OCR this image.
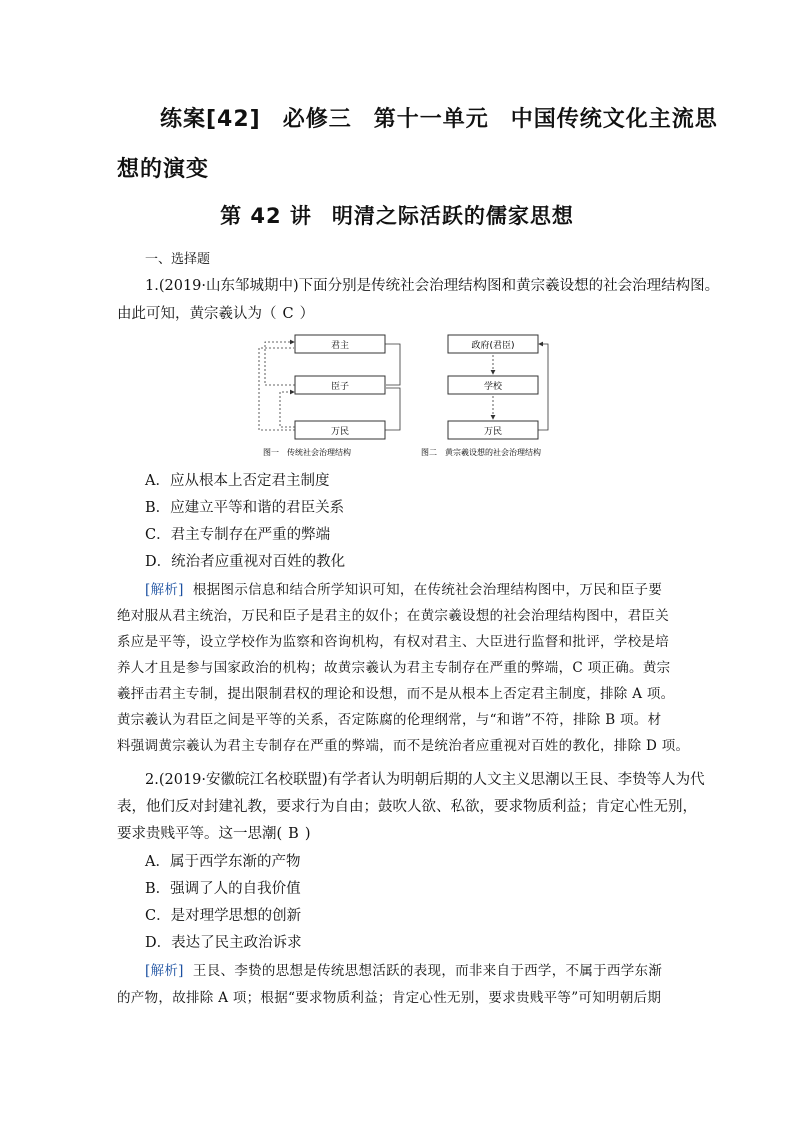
练案[42] 必修三 第十一单元 中国传统文化主流思
想的演变
第 42 讲 明清之际活跃的儒家思想
一、选择题
1.(2019·山东邹城期中)下面分别是传统社会治理结构图和黄宗羲设想的社会治理结构图。
由此可知，黄宗羲认为（ C ）
君主
臣子
万民
图一　传统社会治理结构
政府(君臣)
学校
万民
图二　黄宗羲设想的社会治理结构
A．应从根本上否定君主制度
B．应建立平等和谐的君臣关系
C．君主专制存在严重的弊端
D．统治者应重视对百姓的教化
[解析] 根据图示信息和结合所学知识可知，在传统社会治理结构图中，万民和臣子要
绝对服从君主统治，万民和臣子是君主的奴仆；在黄宗羲设想的社会治理结构图中，君臣关
系应是平等，设立学校作为监察和咨询机构，有权对君主、大臣进行监督和批评，学校是培
养人才且是参与国家政治的机构；故黄宗羲认为君主专制存在严重的弊端，C 项正确。黄宗
羲抨击君主专制，提出限制君权的理论和设想，而不是从根本上否定君主制度，排除 A 项。
黄宗羲认为君臣之间是平等的关系，否定陈腐的伦理纲常，与“和谐”不符，排除 B 项。材
料强调黄宗羲认为君主专制存在严重的弊端，而不是统治者应重视对百姓的教化，排除 D 项。
2.(2019·安徽皖江名校联盟)有学者认为明朝后期的人文主义思潮以王艮、李贽等人为代
表，他们反对封建礼教，要求行为自由；鼓吹人欲、私欲，要求物质利益；肯定心性无别，
要求贵贱平等。这一思潮( B )
A．属于西学东渐的产物
B．强调了人的自我价值
C．是对理学思想的创新
D．表达了民主政治诉求
[解析] 王艮、李贽的思想是传统思想活跃的表现，而非来自于西学，不属于西学东渐
的产物，故排除 A 项；根据“要求物质利益；肯定心性无别，要求贵贱平等”可知明朝后期
